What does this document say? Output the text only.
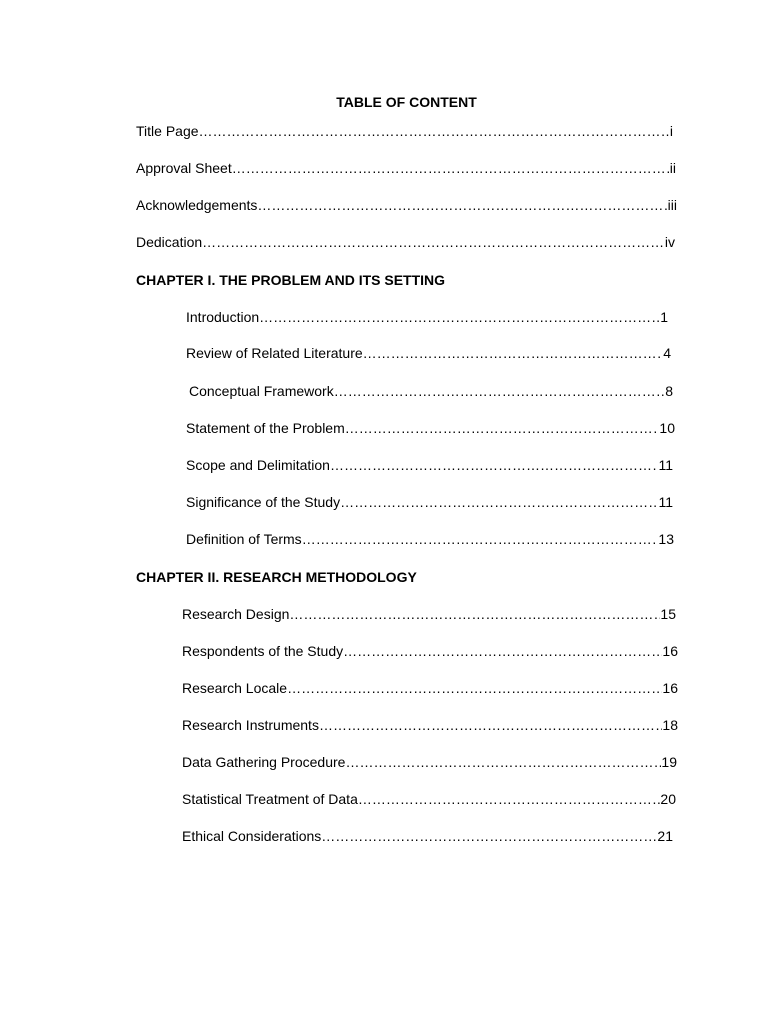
TABLE OF CONTENT
Title Page ……………………………………………………………………………………………………………………………………………………………………………………………………………………	i
Approval Sheet ……………………………………………………………………………………………………………………………………………………………………………………………………………………	ii
Acknowledgements ……………………………………………………………………………………………………………………………………………………………………………………………………………………	iii
Dedication ……………………………………………………………………………………………………………………………………………………………………………………………………………………	iv
CHAPTER I. THE PROBLEM AND ITS SETTING
Introduction ……………………………………………………………………………………………………………………………………………………………………………………………………………………	1
Review of Related Literature ……………………………………………………………………………………………………………………………………………………………………………………………………………………	4
Conceptual Framework ……………………………………………………………………………………………………………………………………………………………………………………………………………………	8
Statement of the Problem ……………………………………………………………………………………………………………………………………………………………………………………………………………………	10
Scope and Delimitation ……………………………………………………………………………………………………………………………………………………………………………………………………………………	11
Significance of the Study ……………………………………………………………………………………………………………………………………………………………………………………………………………………	11
Definition of Terms ……………………………………………………………………………………………………………………………………………………………………………………………………………………	13
CHAPTER II. RESEARCH METHODOLOGY
Research Design ……………………………………………………………………………………………………………………………………………………………………………………………………………………	15
Respondents of the Study ……………………………………………………………………………………………………………………………………………………………………………………………………………………	16
Research Locale ……………………………………………………………………………………………………………………………………………………………………………………………………………………	16
Research Instruments ……………………………………………………………………………………………………………………………………………………………………………………………………………………	18
Data Gathering Procedure ……………………………………………………………………………………………………………………………………………………………………………………………………………………	19
Statistical Treatment of Data ……………………………………………………………………………………………………………………………………………………………………………………………………………………	20
Ethical Considerations ……………………………………………………………………………………………………………………………………………………………………………………………………………………	21
